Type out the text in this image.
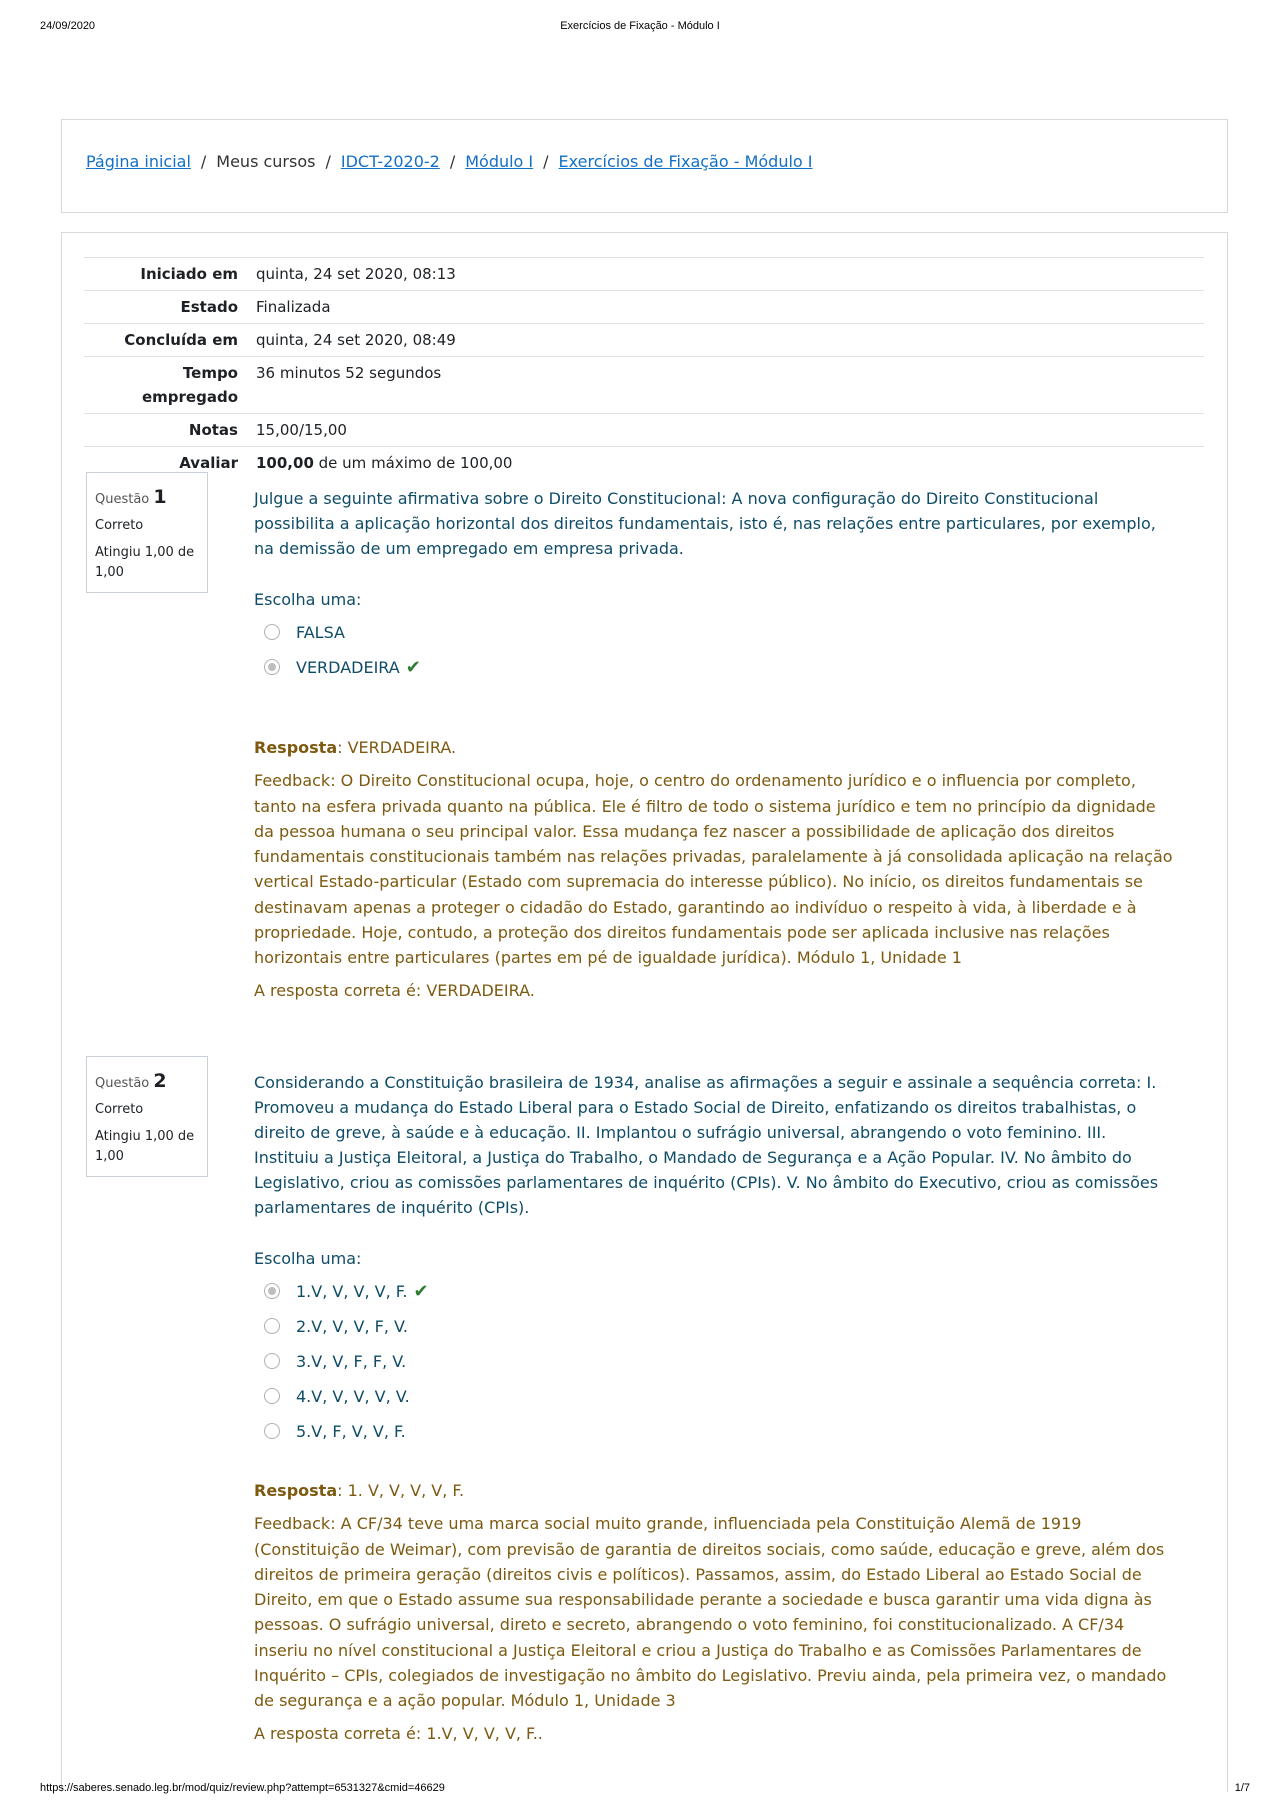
24/09/2020	Exercícios de Fixação - Módulo I
Página inicial / Meus cursos / IDCT-2020-2 / Módulo I / Exercícios de Fixação - Módulo I
Iniciado em	quinta, 24 set 2020, 08:13
Estado	Finalizada
Concluída em	quinta, 24 set 2020, 08:49
Tempo
empregado	36 minutos 52 segundos
Notas	15,00/15,00
Avaliar	100,00 de um máximo de 100,00
Questão 1
Correto
Atingiu 1,00 de 1,00
Julgue a seguinte afirmativa sobre o Direito Constitucional: A nova configuração do Direito Constitucional possibilita a aplicação horizontal dos direitos fundamentais, isto é, nas relações entre particulares, por exemplo, na demissão de um empregado em empresa privada.
Escolha uma:
FALSA
VERDADEIRA ✔

Resposta: VERDADEIRA.

Feedback: O Direito Constitucional ocupa, hoje, o centro do ordenamento jurídico e o influencia por completo, tanto na esfera privada quanto na pública. Ele é filtro de todo o sistema jurídico e tem no princípio da dignidade da pessoa humana o seu principal valor. Essa mudança fez nascer a possibilidade de aplicação dos direitos fundamentais constitucionais também nas relações privadas, paralelamente à já consolidada aplicação na relação vertical Estado-particular (Estado com supremacia do interesse público). No início, os direitos fundamentais se destinavam apenas a proteger o cidadão do Estado, garantindo ao indivíduo o respeito à vida, à liberdade e à propriedade. Hoje, contudo, a proteção dos direitos fundamentais pode ser aplicada inclusive nas relações horizontais entre particulares (partes em pé de igualdade jurídica). Módulo 1, Unidade 1

A resposta correta é: VERDADEIRA.

Questão 2
Correto
Atingiu 1,00 de 1,00
Considerando a Constituição brasileira de 1934, analise as afirmações a seguir e assinale a sequência correta: I. Promoveu a mudança do Estado Liberal para o Estado Social de Direito, enfatizando os direitos trabalhistas, o direito de greve, à saúde e à educação. II. Implantou o sufrágio universal, abrangendo o voto feminino. III. Instituiu a Justiça Eleitoral, a Justiça do Trabalho, o Mandado de Segurança e a Ação Popular. IV. No âmbito do Legislativo, criou as comissões parlamentares de inquérito (CPIs). V. No âmbito do Executivo, criou as comissões parlamentares de inquérito (CPIs).
Escolha uma:
1.V, V, V, V, F. ✔
2.V, V, V, F, V.
3.V, V, F, F, V.
4.V, V, V, V, V.
5.V, F, V, V, F.

Resposta: 1. V, V, V, V, F.

Feedback: A CF/34 teve uma marca social muito grande, influenciada pela Constituição Alemã de 1919 (Constituição de Weimar), com previsão de garantia de direitos sociais, como saúde, educação e greve, além dos direitos de primeira geração (direitos civis e políticos). Passamos, assim, do Estado Liberal ao Estado Social de Direito, em que o Estado assume sua responsabilidade perante a sociedade e busca garantir uma vida digna às pessoas. O sufrágio universal, direto e secreto, abrangendo o voto feminino, foi constitucionalizado. A CF/34 inseriu no nível constitucional a Justiça Eleitoral e criou a Justiça do Trabalho e as Comissões Parlamentares de Inquérito – CPIs, colegiados de investigação no âmbito do Legislativo. Previu ainda, pela primeira vez, o mandado de segurança e a ação popular. Módulo 1, Unidade 3

A resposta correta é: 1.V, V, V, V, F..

https://saberes.senado.leg.br/mod/quiz/review.php?attempt=6531327&cmid=46629	1/7
